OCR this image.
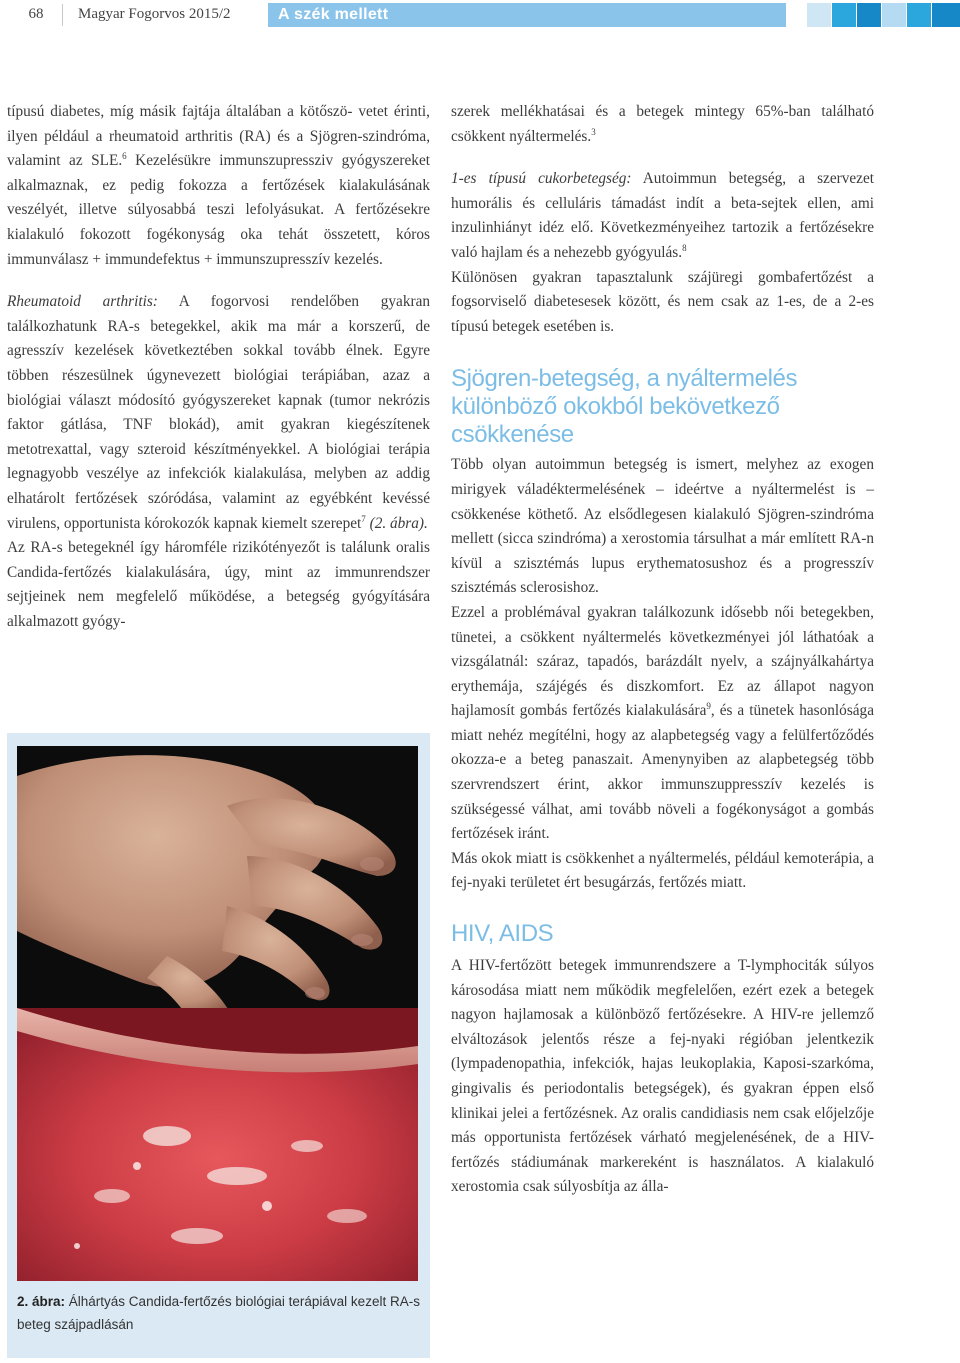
68	Magyar Fogorvos 2015/2	A szék mellett

típusú diabetes, míg másik fajtája általában a kötőszö- vetet érinti, ilyen például a rheumatoid arthritis (RA) és a Sjögren-szindróma, valamint az SLE.$^6$ Kezelésükre immunszupressziv gyógyszereket alkalmaznak, ez pedig fokozza a fertőzések kialakulásának veszélyét, illetve súlyosabbá teszi lefolyásukat. A fertőzésekre kialakuló fokozott fogékonyság oka tehát összetett, kóros immunválasz + immundefektus + immunszupresszív kezelés.

Rheumatoid arthritis: A fogorvosi rendelőben gyakran találkozhatunk RA-s betegekkel, akik ma már a korszerű, de agresszív kezelések következtében sokkal tovább élnek. Egyre többen részesülnek úgynevezett biológiai terápiában, azaz a biológiai választ módosító gyógyszereket kapnak (tumor nekrózis faktor gátlása, TNF blokád), amit gyakran kiegészítenek metotrexattal, vagy szteroid készítményekkel. A biológiai terápia legnagyobb veszélye az infekciók kialakulása, melyben az addig elhatárolt fertőzések szóródása, valamint az egyébként kevéssé virulens, opportunista kórokozók kapnak kiemelt szerepet$^7$ (2. ábra).

Az RA-s betegeknél így háromféle rizikótényezőt is találunk oralis Candida-fertőzés kialakulására, úgy, mint az immunrendszer sejtjeinek nem megfelelő működése, a betegség gyógyítására alkalmazott gyógy-

2. ábra: Álhártyás Candida-fertőzés biológiai terápiával kezelt RA-s beteg szájpadlásán

szerek mellékhatásai és a betegek mintegy 65%-ban található csökkent nyáltermelés.$^3$

1-es típusú cukorbetegség: Autoimmun betegség, a szervezet humorális és celluláris támadást indít a beta-sejtek ellen, ami inzulinhiányt idéz elő. Következményeihez tartozik a fertőzésekre való hajlam és a nehezebb gyógyulás.$^8$

Különösen gyakran tapasztalunk szájüregi gombafertőzést a fogsorviselő diabetesesek között, és nem csak az 1-es, de a 2-es típusú betegek esetében is.

Sjögren-betegség, a nyáltermelés különböző okokból bekövetkező csökkenése

Több olyan autoimmun betegség is ismert, melyhez az exogen mirigyek váladéktermelésének – ideértve a nyáltermelést is – csökkenése köthető. Az elsődlegesen kialakuló Sjögren-szindróma mellett (sicca szindróma) a xerostomia társulhat a már említett RA-n kívül a szisztémás lupus erythematosushoz és a progresszív szisztémás sclerosishoz.

Ezzel a problémával gyakran találkozunk idősebb női betegekben, tünetei, a csökkent nyáltermelés következményei jól láthatóak a vizsgálatnál: száraz, tapadós, barázdált nyelv, a szájnyálkahártya erythemája, szájégés és diszkomfort. Ez az állapot nagyon hajlamosít gombás fertőzés kialakulására$^9$, és a tünetek hasonlósága miatt nehéz megítélni, hogy az alapbetegség vagy a felülfertőződés okozza-e a beteg panaszait. Amenynyiben az alapbetegség több szervrendszert érint, akkor immunszuppresszív kezelés is szükségessé válhat, ami tovább növeli a fogékonyságot a gombás fertőzések iránt.

Más okok miatt is csökkenhet a nyáltermelés, például kemoterápia, a fej-nyaki területet ért besugárzás, fertőzés miatt.

HIV, AIDS

A HIV-fertőzött betegek immunrendszere a T-lymphociták súlyos károsodása miatt nem működik megfelelően, ezért ezek a betegek nagyon hajlamosak a különböző fertőzésekre. A HIV-re jellemző elváltozások jelentős része a fej-nyaki régióban jelentkezik (lympadenopathia, infekciók, hajas leukoplakia, Kaposi-szarkóma, gingivalis és periodontalis betegségek), és gyakran éppen első klinikai jelei a fertőzésnek. Az oralis candidiasis nem csak előjelzője más opportunista fertőzések várható megjelenésének, de a HIV-fertőzés stádiumának markereként is használatos. A kialakuló xerostomia csak súlyosbítja az álla-
